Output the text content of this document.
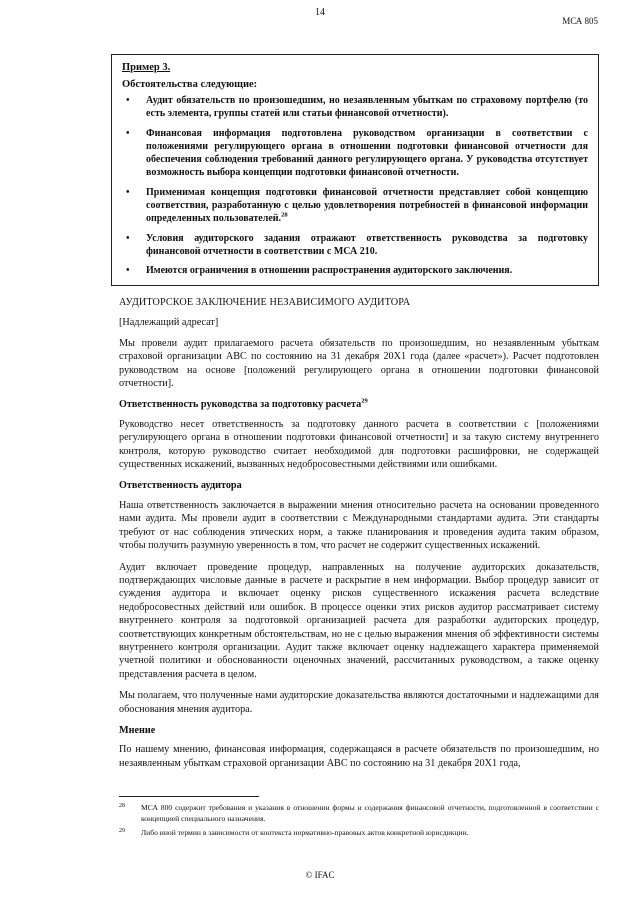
14
МСА 805

Пример 3.

Обстоятельства следующие:

• Аудит обязательств по произошедшим, но незаявленным убыткам по страховому портфелю (то есть элемента, группы статей или статьи финансовой отчетности).
• Финансовая информация подготовлена руководством организации в соответствии с положениями регулирующего органа в отношении подготовки финансовой отчетности для обеспечения соблюдения требований данного регулирующего органа. У руководства отсутствует возможность выбора концепции подготовки финансовой отчетности.
• Применимая концепция подготовки финансовой отчетности представляет собой концепцию соответствия, разработанную с целью удовлетворения потребностей в финансовой информации определенных пользователей.$^{28}$
• Условия аудиторского задания отражают ответственность руководства за подготовку финансовой отчетности в соответствии с МСА 210.
• Имеются ограничения в отношении распространения аудиторского заключения.

АУДИТОРСКОЕ ЗАКЛЮЧЕНИЕ НЕЗАВИСИМОГО АУДИТОРА

[Надлежащий адресат]

Мы провели аудит прилагаемого расчета обязательств по произошедшим, но незаявленным убыткам страховой организации АВС по состоянию на 31 декабря 20Х1 года (далее «расчет»). Расчет подготовлен руководством на основе [положений регулирующего органа в отношении подготовки финансовой отчетности].

Ответственность руководства за подготовку расчета$^{29}$

Руководство несет ответственность за подготовку данного расчета в соответствии с [положениями регулирующего органа в отношении подготовки финансовой отчетности] и за такую систему внутреннего контроля, которую руководство считает необходимой для подготовки расшифровки, не содержащей существенных искажений, вызванных недобросовестными действиями или ошибками.

Ответственность аудитора

Наша ответственность заключается в выражении мнения относительно расчета на основании проведенного нами аудита. Мы провели аудит в соответствии с Международными стандартами аудита. Эти стандарты требуют от нас соблюдения этических норм, а также планирования и проведения аудита таким образом, чтобы получить разумную уверенность в том, что расчет не содержит существенных искажений.

Аудит включает проведение процедур, направленных на получение аудиторских доказательств, подтверждающих числовые данные в расчете и раскрытие в нем информации. Выбор процедур зависит от суждения аудитора и включает оценку рисков существенного искажения расчета вследствие недобросовестных действий или ошибок. В процессе оценки этих рисков аудитор рассматривает систему внутреннего контроля за подготовкой организацией расчета для разработки аудиторских процедур, соответствующих конкретным обстоятельствам, но не с целью выражения мнения об эффективности системы внутреннего контроля организации. Аудит также включает оценку надлежащего характера применяемой учетной политики и обоснованности оценочных значений, рассчитанных руководством, а также оценку представления расчета в целом.

Мы полагаем, что полученные нами аудиторские доказательства являются достаточными и надлежащими для обоснования мнения аудитора.

Мнение

По нашему мнению, финансовая информация, содержащаяся в расчете обязательств по произошедшим, но незаявленным убыткам страховой организации АВС по состоянию на 31 декабря 20Х1 года,

28 МСА 800 содержит требования и указания в отношении формы и содержания финансовой отчетности, подготовленной в соответствии с концепцией специального назначения.
29 Либо иной термин в зависимости от контекста нормативно-правовых актов конкретной юрисдикции.
© IFAC
